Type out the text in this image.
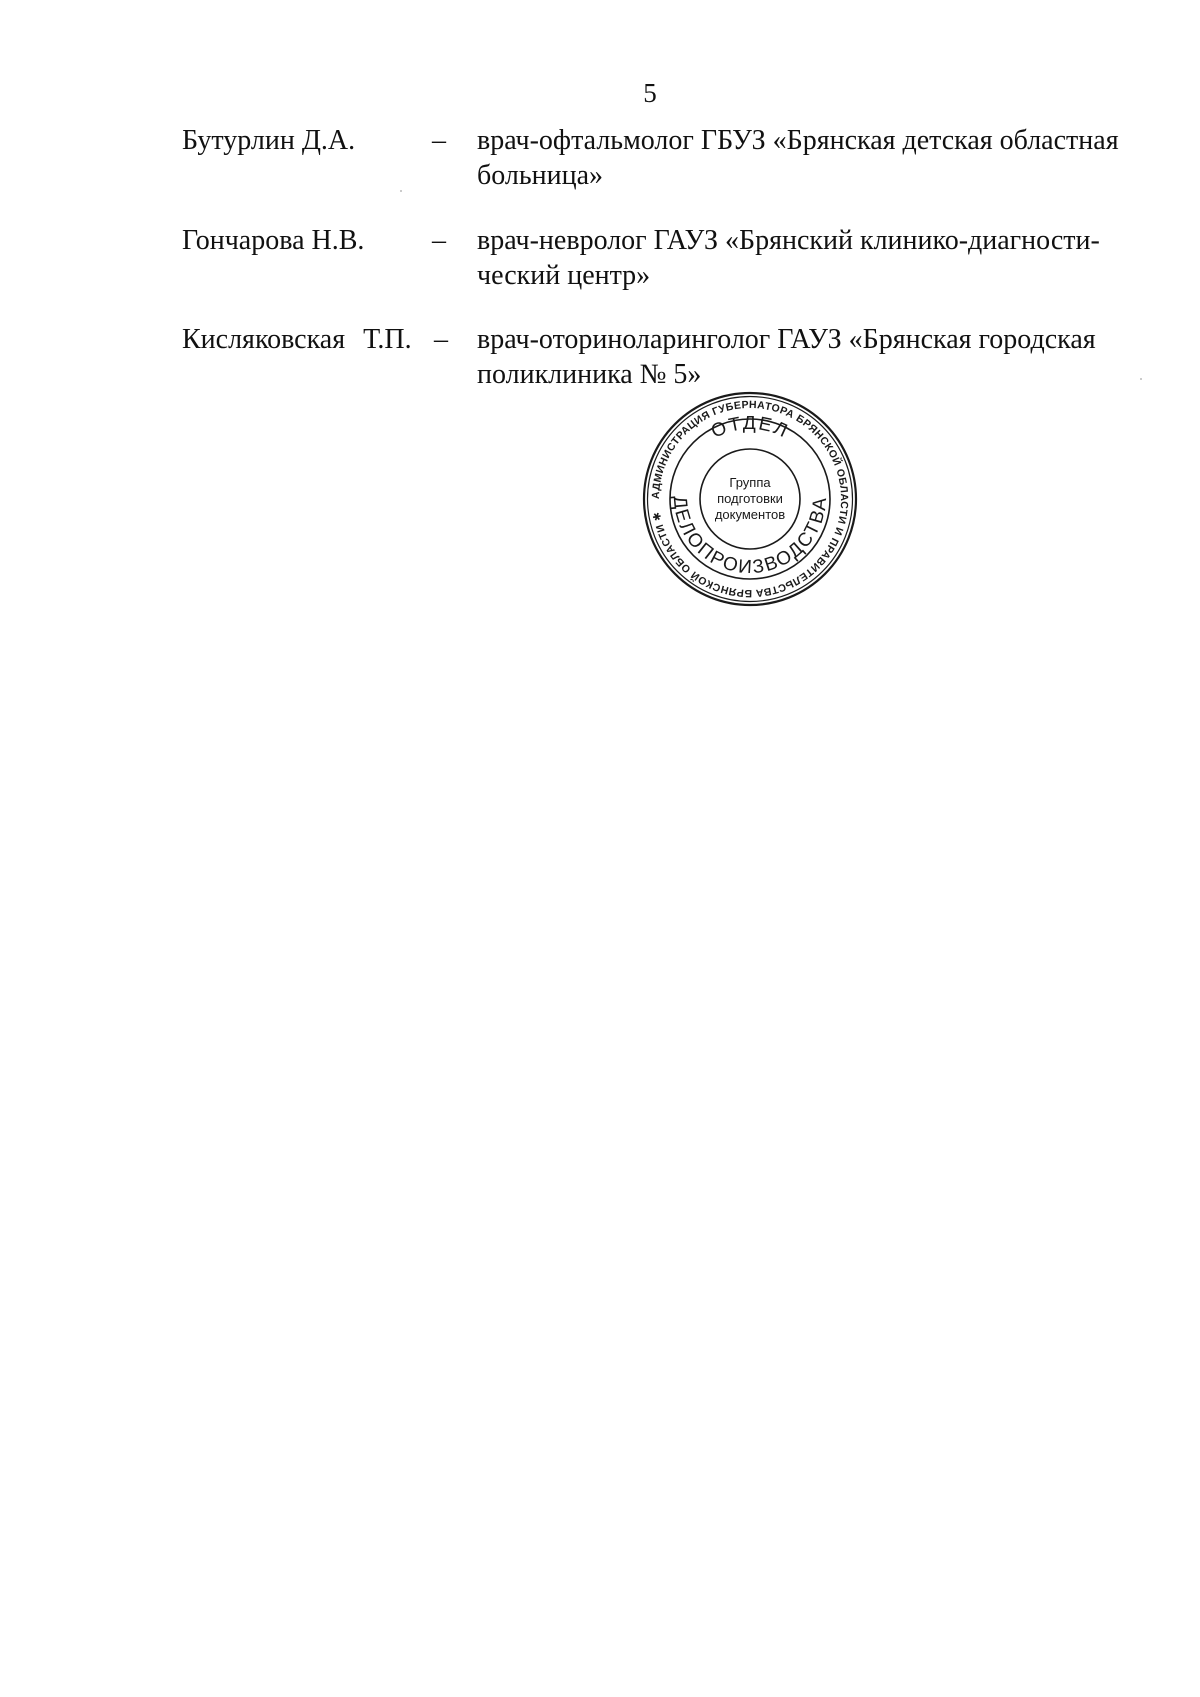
5
Бутурлин Д.А.	– врач-офтальмолог ГБУЗ «Брянская детская областная
больница»
Гончарова Н.В. – врач-невролог ГАУЗ «Брянский клинико-диагности-
ческий центр»
Кисляковская Т.П. – врач-оториноларинголог ГАУЗ «Брянская городская
поликлиника № 5»
АДМИНИСТРАЦИЯ ГУБЕРНАТОРА БРЯНСКОЙ ОБЛАСТИ И ПРАВИТЕЛЬСТВА БРЯНСКОЙ ОБЛАСТИ ✱
ОТДЕЛ
ДЕЛОПРОИЗВОДСТВА
Группа
подготовки
документов
